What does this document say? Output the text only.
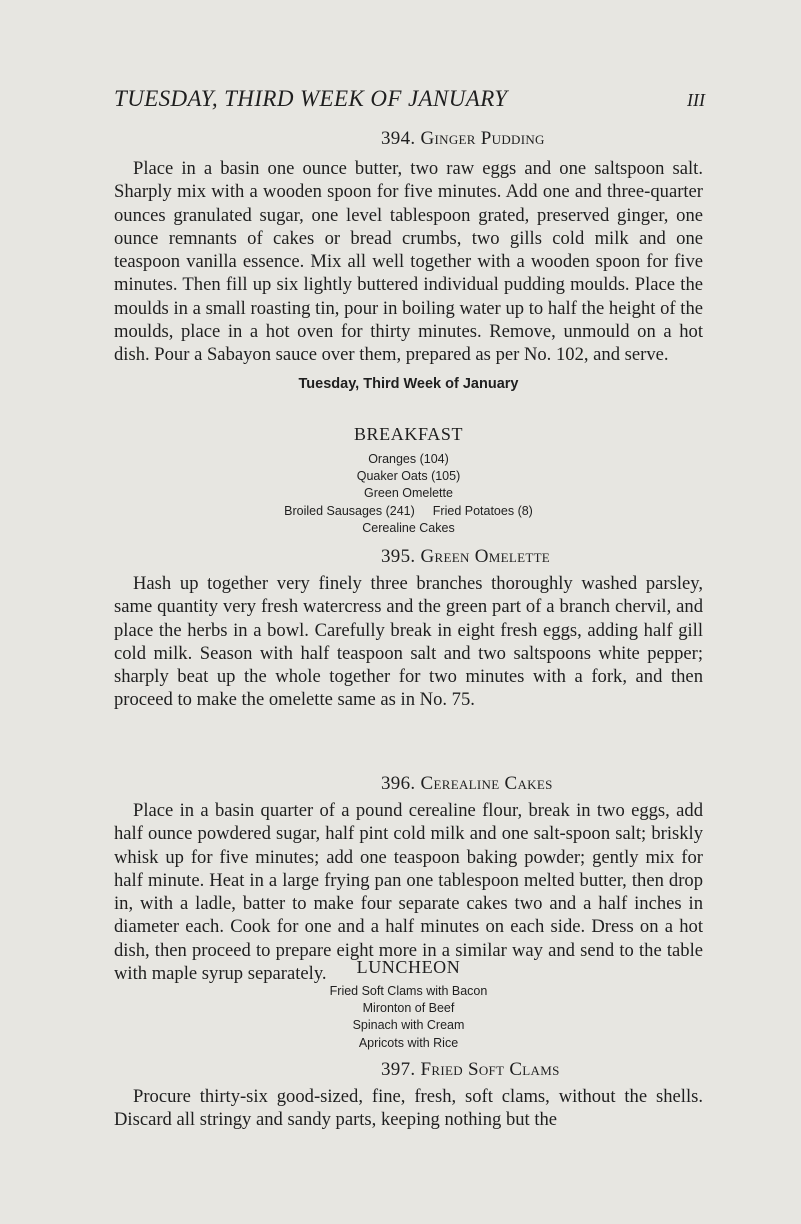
TUESDAY, THIRD WEEK OF JANUARY	III

394. Ginger Pudding

Place in a basin one ounce butter, two raw eggs and one saltspoon salt. Sharply mix with a wooden spoon for five minutes. Add one and three-quarter ounces granulated sugar, one level tablespoon grated, preserved ginger, one ounce remnants of cakes or bread crumbs, two gills cold milk and one teaspoon vanilla essence. Mix all well together with a wooden spoon for five minutes. Then fill up six lightly buttered individual pudding moulds. Place the moulds in a small roasting tin, pour in boiling water up to half the height of the moulds, place in a hot oven for thirty minutes. Remove, unmould on a hot dish. Pour a Sabayon sauce over them, prepared as per No. 102, and serve.

Tuesday, Third Week of January
BREAKFAST
Oranges (104)
Quaker Oats (105)
Green Omelette
Broiled Sausages (241) Fried Potatoes (8)
Cerealine Cakes

395. Green Omelette

Hash up together very finely three branches thoroughly washed parsley, same quantity very fresh watercress and the green part of a branch chervil, and place the herbs in a bowl. Carefully break in eight fresh eggs, adding half gill cold milk. Season with half teaspoon salt and two saltspoons white pepper; sharply beat up the whole together for two minutes with a fork, and then proceed to make the omelette same as in No. 75.

396. Cerealine Cakes

Place in a basin quarter of a pound cerealine flour, break in two eggs, add half ounce powdered sugar, half pint cold milk and one salt-spoon salt; briskly whisk up for five minutes; add one teaspoon baking powder; gently mix for half minute. Heat in a large frying pan one tablespoon melted butter, then drop in, with a ladle, batter to make four separate cakes two and a half inches in diameter each. Cook for one and a half minutes on each side. Dress on a hot dish, then proceed to prepare eight more in a similar way and send to the table with maple syrup separately.	LUNCHEON
Fried Soft Clams with Bacon
Mironton of Beef
Spinach with Cream
Apricots with Rice

397. Fried Soft Clams

Procure thirty-six good-sized, fine, fresh, soft clams, without the shells. Discard all stringy and sandy parts, keeping nothing but the
